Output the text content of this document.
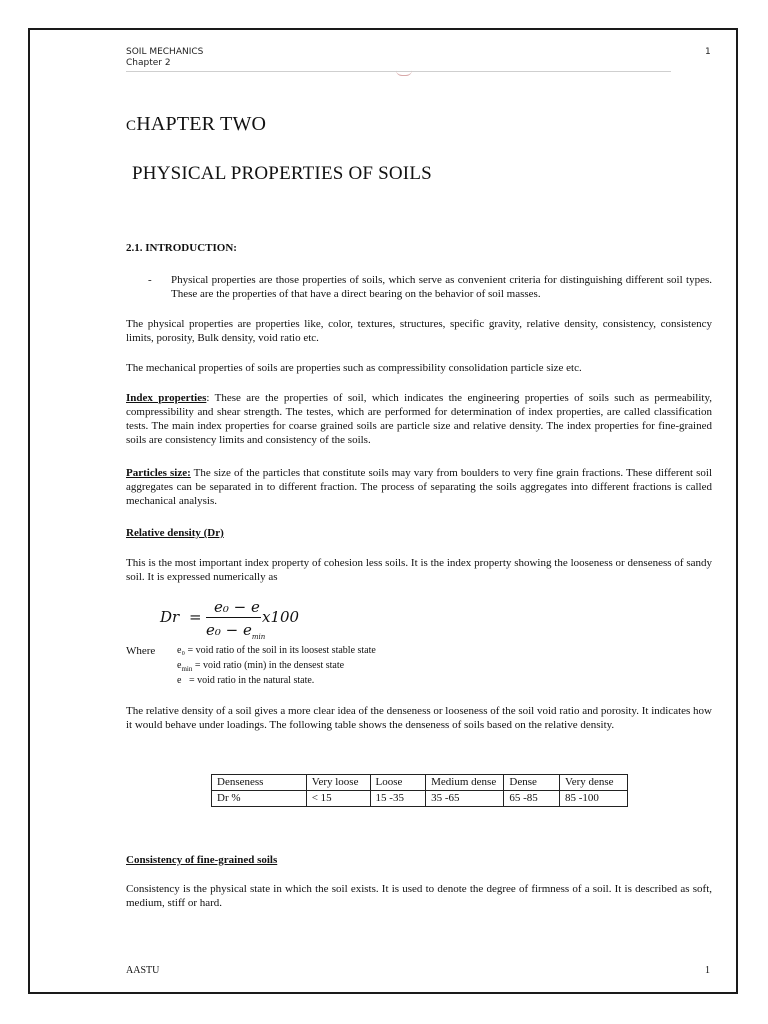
SOIL MECHANICS
Chapter 2
1
CHAPTER TWO
PHYSICAL PROPERTIES OF SOILS
2.1. INTRODUCTION:
- Physical properties are those properties of soils, which serve as convenient criteria for distinguishing different soil types. These are the properties of that have a direct bearing on the behavior of soil masses.
The physical properties are properties like, color, textures, structures, specific gravity, relative density, consistency, consistency limits, porosity, Bulk density, void ratio etc.
The mechanical properties of soils are properties such as compressibility consolidation particle size etc.
Index properties: These are the properties of soil, which indicates the engineering properties of soils such as permeability, compressibility and shear strength. The testes, which are performed for determination of index properties, are called classification tests. The main index properties for coarse grained soils are particle size and relative density. The index properties for fine-grained soils are consistency limits and consistency of the soils.
Particles size: The size of the particles that constitute soils may vary from boulders to very fine grain fractions. These different soil aggregates can be separated in to different fraction. The process of separating the soils aggregates into different fractions is called mechanical analysis.
Relative density (Dr)
This is the most important index property of cohesion less soils. It is the index property showing the looseness or denseness of sandy soil. It is expressed numerically as
Dr =
e₀ − e
$e_0 - e_{min}$
x100
Where e₀ = void ratio of the soil in its loosest stable state
$e_{min}$ = void ratio (min) in the densest state
e   = void ratio in the natural state.
The relative density of a soil gives a more clear idea of the denseness or looseness of the soil void ratio and porosity. It indicates how it would behave under loadings. The following table shows the denseness of soils based on the relative density.
Denseness	Very loose	Loose	Medium dense	Dense	Very dense
Dr %	< 15	15 -35	35 -65	65 -85	85 -100
Consistency of fine-grained soils
Consistency is the physical state in which the soil exists. It is used to denote the degree of firmness of a soil. It is described as soft, medium, stiff or hard.
AASTU	1
